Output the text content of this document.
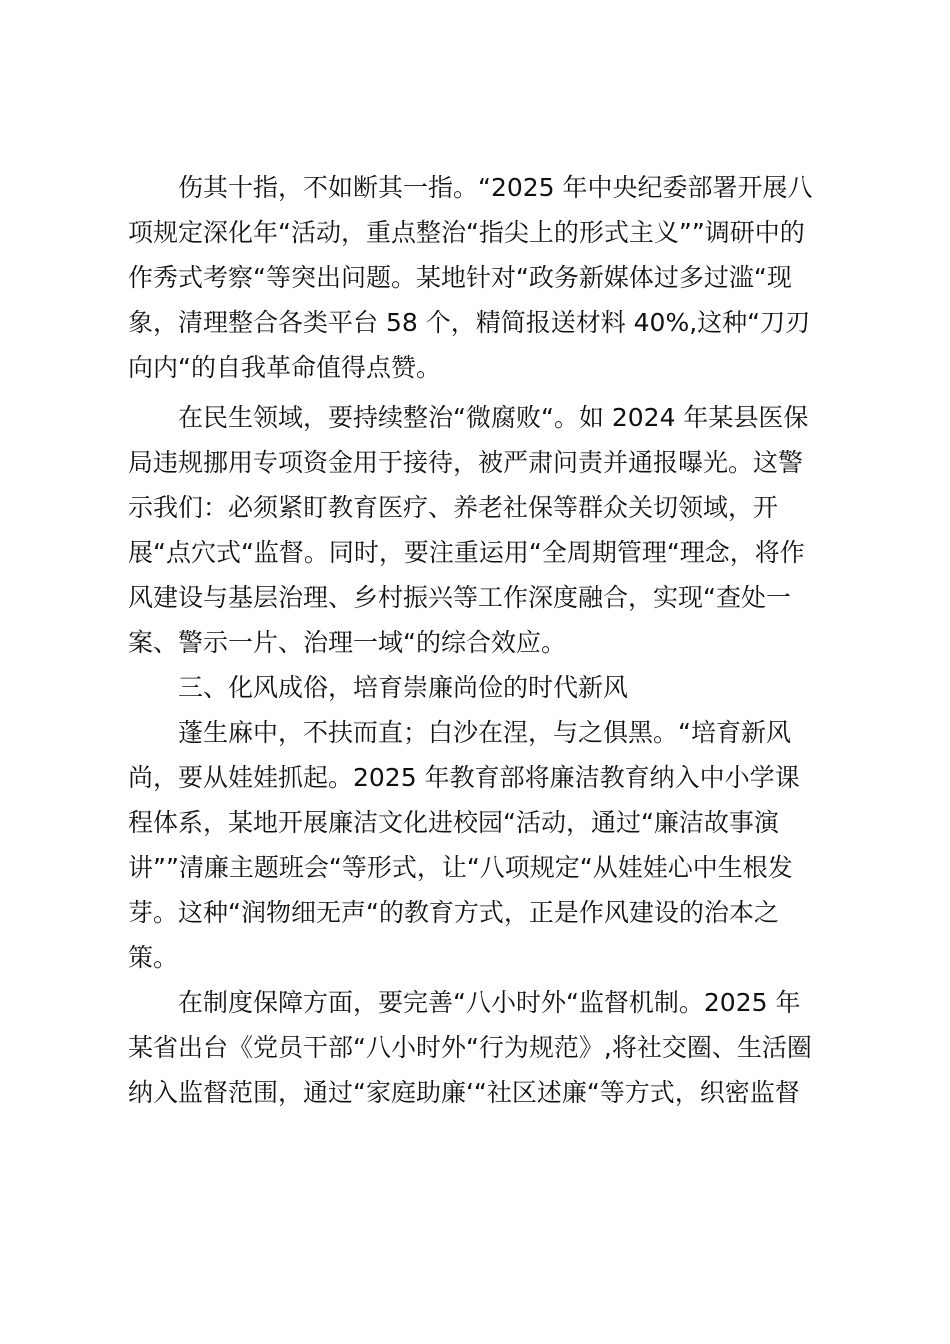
　　伤其十指，不如断其一指。“2025 年中央纪委部署开展八
项规定深化年“活动，重点整治“指尖上的形式主义””调研中的
作秀式考察“等突出问题。某地针对“政务新媒体过多过滥“现
象，清理整合各类平台 58 个，精简报送材料 40%,这种“刀刃
向内“的自我革命值得点赞。
　　在民生领域，要持续整治“微腐败“。如 2024 年某县医保
局违规挪用专项资金用于接待，被严肃问责并通报曝光。这警
示我们：必须紧盯教育医疗、养老社保等群众关切领域，开
展“点穴式“监督。同时，要注重运用“全周期管理“理念，将作
风建设与基层治理、乡村振兴等工作深度融合，实现“查处一
案、警示一片、治理一域“的综合效应。
　　三、化风成俗，培育崇廉尚俭的时代新风
　　蓬生麻中，不扶而直；白沙在涅，与之俱黑。“培育新风
尚，要从娃娃抓起。2025 年教育部将廉洁教育纳入中小学课
程体系，某地开展廉洁文化进校园“活动，通过“廉洁故事演
讲””清廉主题班会“等形式，让“八项规定“从娃娃心中生根发
芽。这种“润物细无声“的教育方式，正是作风建设的治本之
策。
　　在制度保障方面，要完善“八小时外“监督机制。2025 年
某省出台《党员干部“八小时外“行为规范》,将社交圈、生活圈
纳入监督范围，通过“家庭助廉‘“社区述廉“等方式，织密监督
